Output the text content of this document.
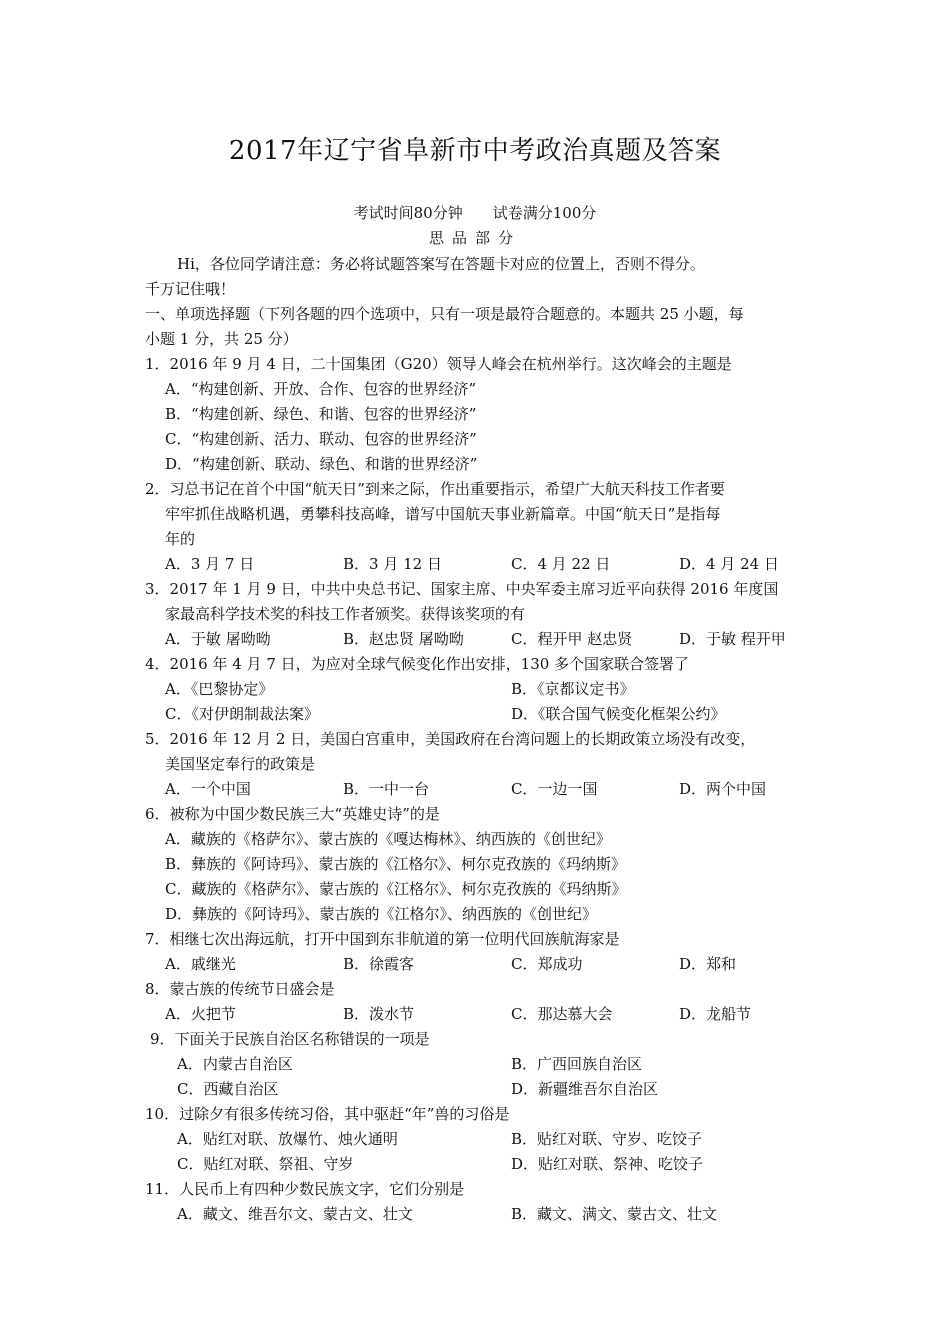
2017年辽宁省阜新市中考政治真题及答案
考试时间80分钟　　试卷满分100分
思品部分
Hi，各位同学请注意：务必将试题答案写在答题卡对应的位置上，否则不得分。
千万记住哦！
一、单项选择题（下列各题的四个选项中，只有一项是最符合题意的。本题共 25 小题，每
小题 1 分，共 25 分）
1．2016 年 9 月 4 日，二十国集团（G20）领导人峰会在杭州举行。这次峰会的主题是
A．“构建创新、开放、合作、包容的世界经济”
B．“构建创新、绿色、和谐、包容的世界经济”
C．“构建创新、活力、联动、包容的世界经济”
D．“构建创新、联动、绿色、和谐的世界经济”
2．习总书记在首个中国“航天日”到来之际，作出重要指示，希望广大航天科技工作者要
牢牢抓住战略机遇，勇攀科技高峰，谱写中国航天事业新篇章。中国“航天日”是指每
年的
A．3 月 7 日	B．3 月 12 日	C．4 月 22 日	D．4 月 24 日
3．2017 年 1 月 9 日，中共中央总书记、国家主席、中央军委主席习近平向获得 2016 年度国
家最高科学技术奖的科技工作者颁奖。获得该奖项的有
A．于敏 屠呦呦	B．赵忠贤 屠呦呦	C．程开甲 赵忠贤	D．于敏 程开甲
4．2016 年 4 月 7 日，为应对全球气候变化作出安排，130 多个国家联合签署了
A．《巴黎协定》	B．《京都议定书》
C．《对伊朗制裁法案》	D．《联合国气候变化框架公约》
5．2016 年 12 月 2 日，美国白宫重申，美国政府在台湾问题上的长期政策立场没有改变，
美国坚定奉行的政策是
A．一个中国	B．一中一台	C．一边一国	D．两个中国
6．被称为中国少数民族三大“英雄史诗”的是
A．藏族的《格萨尔》、蒙古族的《嘎达梅林》、纳西族的《创世纪》
B．彝族的《阿诗玛》、蒙古族的《江格尔》、柯尔克孜族的《玛纳斯》
C．藏族的《格萨尔》、蒙古族的《江格尔》、柯尔克孜族的《玛纳斯》
D．彝族的《阿诗玛》、蒙古族的《江格尔》、纳西族的《创世纪》
7．相继七次出海远航，打开中国到东非航道的第一位明代回族航海家是
A．戚继光	B．徐霞客	C．郑成功	D．郑和
8．蒙古族的传统节日盛会是
A．火把节	B．泼水节	C．那达慕大会	D．龙船节
9．下面关于民族自治区名称错误的一项是
A．内蒙古自治区	B．广西回族自治区
C．西藏自治区	D．新疆维吾尔自治区
10．过除夕有很多传统习俗，其中驱赶“年”兽的习俗是
A．贴红对联、放爆竹、烛火通明	B．贴红对联、守岁、吃饺子
C．贴红对联、祭祖、守岁	D．贴红对联、祭神、吃饺子
11．人民币上有四种少数民族文字，它们分别是
A．藏文、维吾尔文、蒙古文、壮文	B．藏文、满文、蒙古文、壮文
